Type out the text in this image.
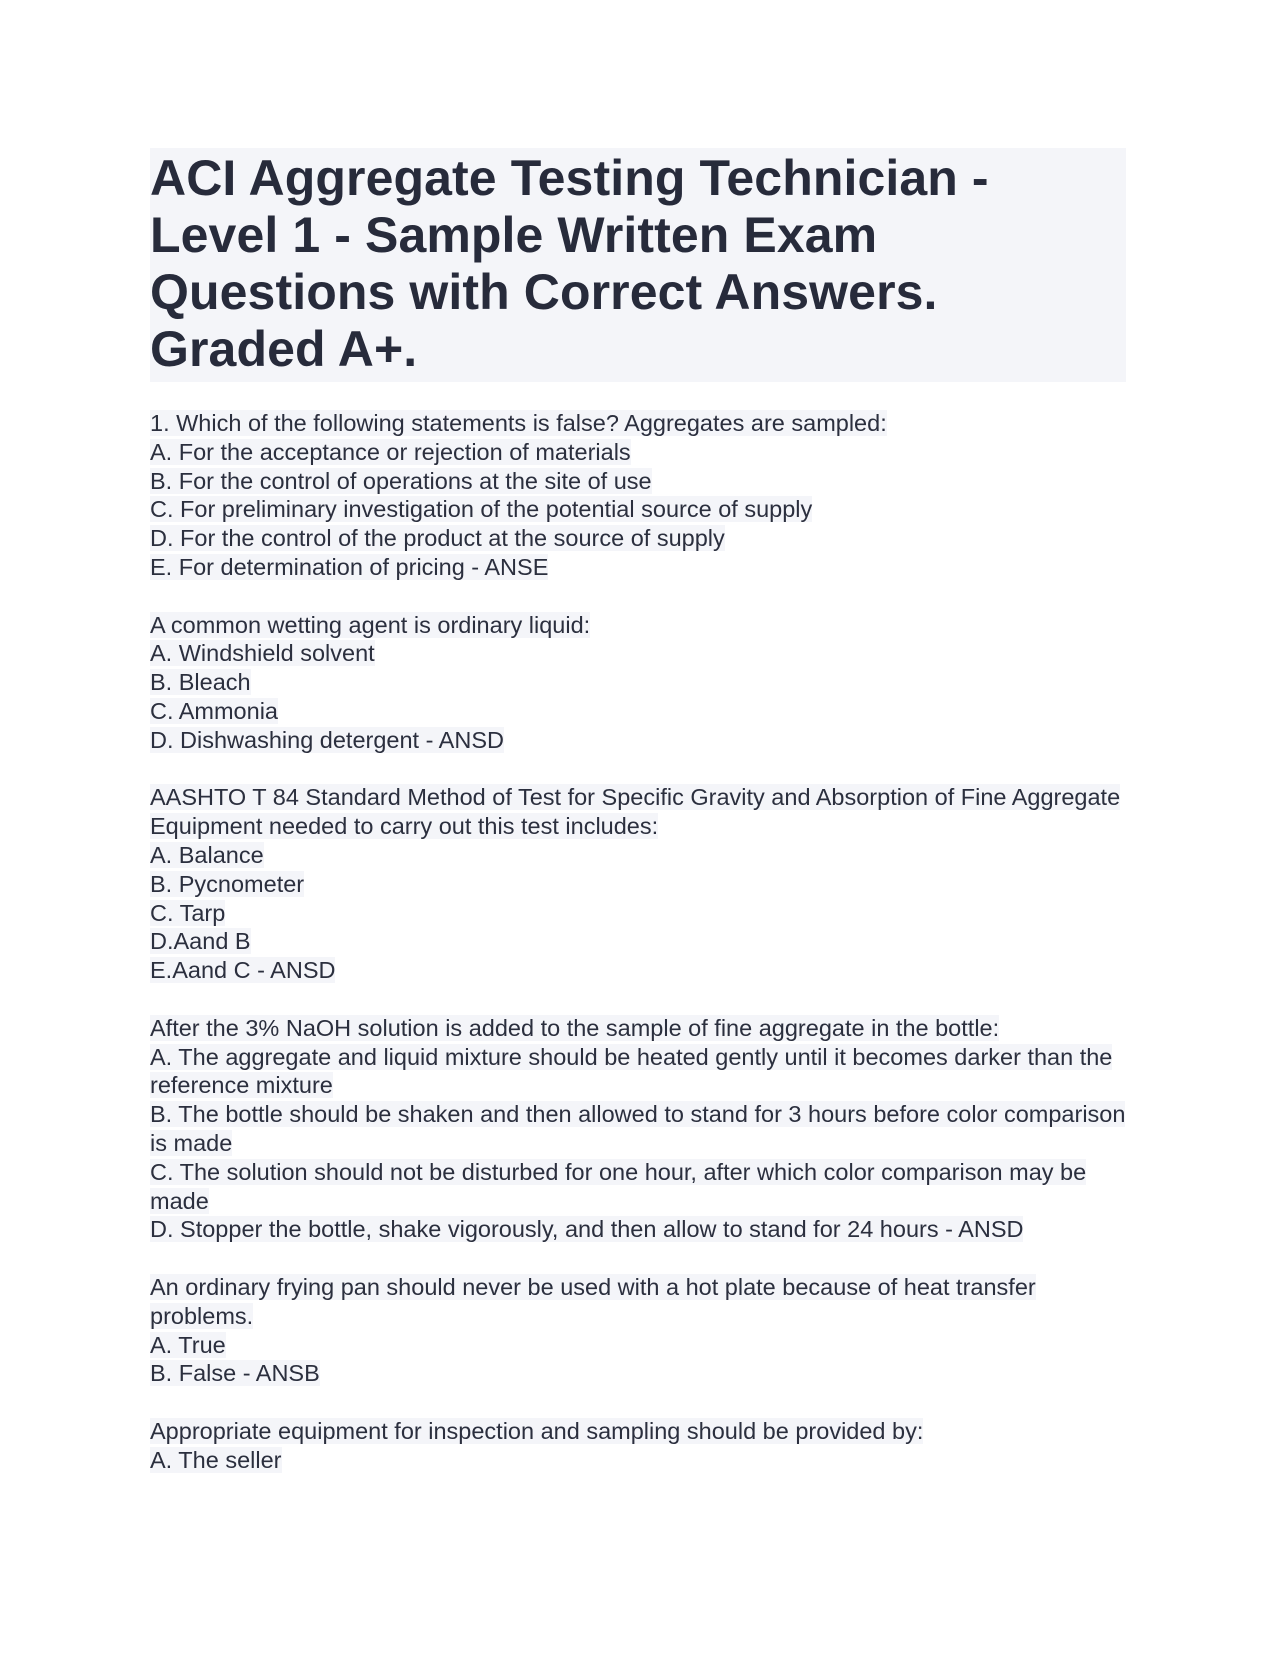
ACI Aggregate Testing Technician - Level 1 - Sample Written Exam Questions with Correct Answers. Graded A+.
1. Which of the following statements is false? Aggregates are sampled:
A. For the acceptance or rejection of materials
B. For the control of operations at the site of use
C. For preliminary investigation of the potential source of supply
D. For the control of the product at the source of supply
E. For determination of pricing - ANSE
A common wetting agent is ordinary liquid:
A. Windshield solvent
B. Bleach
C. Ammonia
D. Dishwashing detergent - ANSD
AASHTO T 84 Standard Method of Test for Specific Gravity and Absorption of Fine Aggregate Equipment needed to carry out this test includes:
A. Balance
B. Pycnometer
C. Tarp
D.Aand B
E.Aand C - ANSD
After the 3% NaOH solution is added to the sample of fine aggregate in the bottle:
A. The aggregate and liquid mixture should be heated gently until it becomes darker than the reference mixture
B. The bottle should be shaken and then allowed to stand for 3 hours before color comparison is made
C. The solution should not be disturbed for one hour, after which color comparison may be made
D. Stopper the bottle, shake vigorously, and then allow to stand for 24 hours - ANSD
An ordinary frying pan should never be used with a hot plate because of heat transfer problems.
A. True
B. False - ANSB
Appropriate equipment for inspection and sampling should be provided by:
A. The seller
